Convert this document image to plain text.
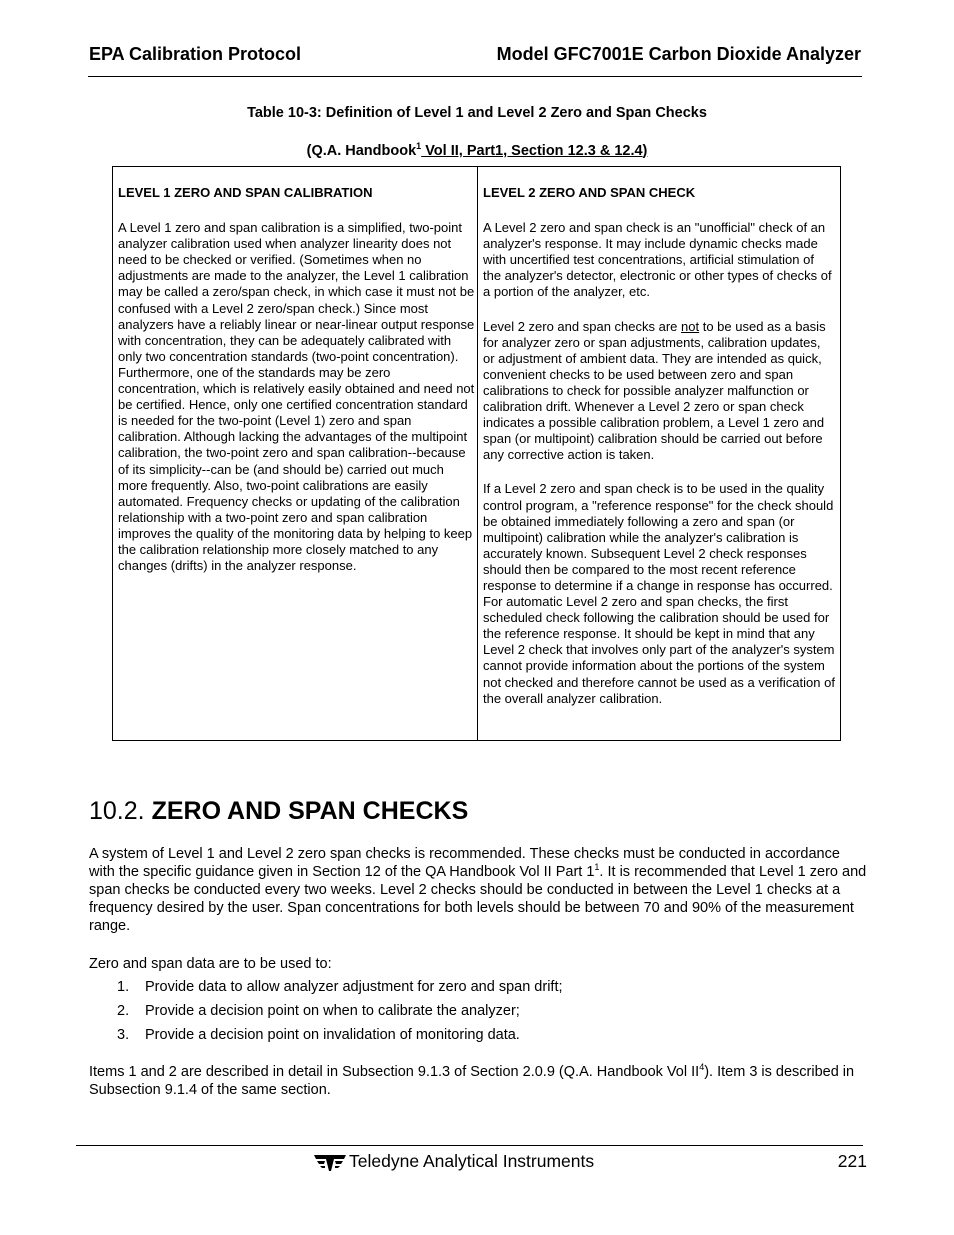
EPA Calibration Protocol	Model GFC7001E Carbon Dioxide Analyzer
Table 10-3: Definition of Level 1 and Level 2 Zero and Span Checks
(Q.A. Handbook$^1$ Vol II, Part1, Section 12.3 & 12.4)
LEVEL 1 ZERO AND SPAN CALIBRATION

A Level 1 zero and span calibration is a simplified, two-point analyzer calibration used when analyzer linearity does not need to be checked or verified. (Sometimes when no adjustments are made to the analyzer, the Level 1 calibration may be called a zero/span check, in which case it must not be confused with a Level 2 zero/span check.) Since most analyzers have a reliably linear or near-linear output response with concentration, they can be adequately calibrated with only two concentration standards (two-point concentration). Furthermore, one of the standards may be zero concentration, which is relatively easily obtained and need not be certified. Hence, only one certified concentration standard is needed for the two-point (Level 1) zero and span calibration. Although lacking the advantages of the multipoint calibration, the two-point zero and span calibration--because of its simplicity--can be (and should be) carried out much more frequently. Also, two-point calibrations are easily automated. Frequency checks or updating of the calibration relationship with a two-point zero and span calibration improves the quality of the monitoring data by helping to keep the calibration relationship more closely matched to any changes (drifts) in the analyzer response.

LEVEL 2 ZERO AND SPAN CHECK

A Level 2 zero and span check is an "unofficial" check of an analyzer's response. It may include dynamic checks made with uncertified test concentrations, artificial stimulation of the analyzer's detector, electronic or other types of checks of a portion of the analyzer, etc.

Level 2 zero and span checks are not to be used as a basis for analyzer zero or span adjustments, calibration updates, or adjustment of ambient data. They are intended as quick, convenient checks to be used between zero and span calibrations to check for possible analyzer malfunction or calibration drift. Whenever a Level 2 zero or span check indicates a possible calibration problem, a Level 1 zero and span (or multipoint) calibration should be carried out before any corrective action is taken.

If a Level 2 zero and span check is to be used in the quality control program, a "reference response" for the check should be obtained immediately following a zero and span (or multipoint) calibration while the analyzer's calibration is accurately known. Subsequent Level 2 check responses should then be compared to the most recent reference response to determine if a change in response has occurred. For automatic Level 2 zero and span checks, the first scheduled check following the calibration should be used for the reference response. It should be kept in mind that any Level 2 check that involves only part of the analyzer's system cannot provide information about the portions of the system not checked and therefore cannot be used as a verification of the overall analyzer calibration.

10.2. ZERO AND SPAN CHECKS
A system of Level 1 and Level 2 zero span checks is recommended. These checks must be conducted in accordance with the specific guidance given in Section 12 of the QA Handbook Vol II Part $1^1$. It is recommended that Level 1 zero and span checks be conducted every two weeks. Level 2 checks should be conducted in between the Level 1 checks at a frequency desired by the user. Span concentrations for both levels should be between 70 and 90% of the measurement range.
Zero and span data are to be used to:
1.	Provide data to allow analyzer adjustment for zero and span drift;
2.	Provide a decision point on when to calibrate the analyzer;
3.	Provide a decision point on invalidation of monitoring data.
Items 1 and 2 are described in detail in Subsection 9.1.3 of Section 2.0.9 (Q.A. Handbook Vol $II^4$). Item 3 is described in Subsection 9.1.4 of the same section.
Teledyne Analytical Instruments	221
